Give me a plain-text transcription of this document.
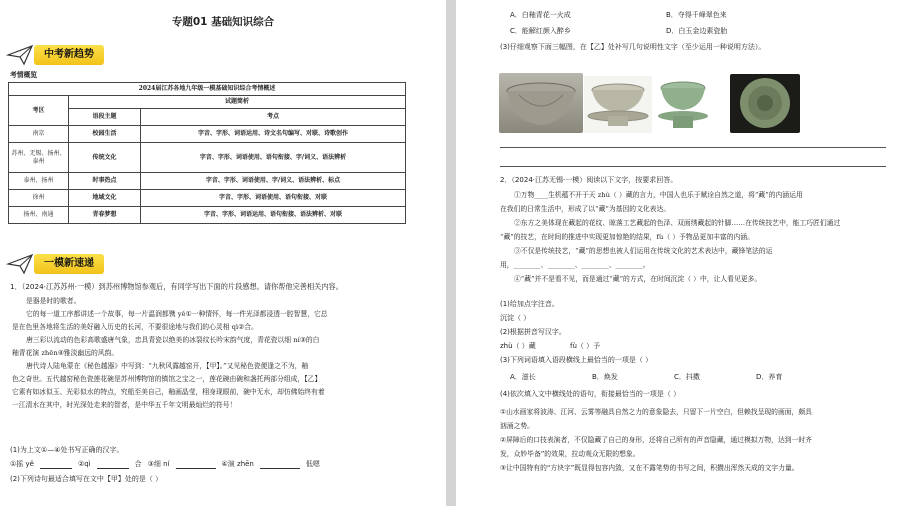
专题01 基础知识综合
中考新趋势
考情概览
2024届江苏各地九年级一模基础知识综合考情概述		
考区	试题简析	
	语段主题	考点
南京	校园生活	字音、字形、词语运用、诗文名句编写、对联、诗歌创作
苏州、无锡、扬州、泰州	传统文化	字音、字形、词语使用、语句衔接、字/词义、语法辨析
泰州、扬州	时事热点	字音、字形、词语使用、字/词义、语法辨析、标点
徐州	地域文化	字音、字形、词语使用、语句衔接、对联
扬州、南通	青春梦想	字音、字形、词语运用、语句衔接、语法辨析、对联
一模新速递
1．（2024·江苏苏州·一模）到苏州博物馆参观后，有同学写出下面的片段感想。请你帮他完善相关内容。
是器是时的歌者。
它的每一道工序都讲述一个故事，每一片温润都镌 yě①一种情怀，每一件光泽都浸透一腔智慧，它总
是在色里各地将生活的美好融入历史的长河，不要很途地与我们的心灵相 qì②合。
唐三彩以流动的色彩高歌盛唐气象，忠具青瓷以绝美的冰裂纹长吟宋韵气度，青花瓷以细 ní③的白
釉青花演 zhēn④雅淡幽远的风韵。
唐代诗人陆龟蒙在《秘色越器》中写到：“九秋风露越窑开，【甲】。”又见秘色瓷便逢之不为，釉
色之奇世。五代越窑秘色瓷莲花碗是苏州博物馆的镇馆之宝之一，莲花碗由碗和盏托两部分组成，【乙】
它素有如冰似玉、光彩似水的特点，究船至美自己，釉画晶莹，栩身现眼前，碗中无水，却仿佛始终有着
一江清水在其中，时光深处走来的智者，是中华五千年文明最灿烂的符号！
(1)为上文①—④处书写正确的汉字。
①摇 yě	②qì	合 ③细 ní	④演 zhēn	低嗯
(2)下列诗句最适合填写在文中【甲】处的是（ ）
A．白釉青花一火成	B．夺得千峰翠色来
C．能解红颜入醉乡	D．白玉金边素瓷胎
(3)仔细观察下面三幅图，在【乙】处补写几句说明性文字（至少运用一种说明方法）。
2．（2024·江苏无锡·一模）阅读以下文字，按要求回答。
①万物____生机蕴不开于天 zhù（ ）藏的言力，中国人也乐于赋诠自然之道，将“藏”的内涵运用
在我们的日常生活中，形成了以“藏”为基因的文化表达。
②东方之美体现在藏起的花纹、晾落工艺藏起的色泽、双面绣藏起的针脚……在传统技艺中，能工巧匠们通过
“藏”的技艺，在时间的推进中实现更加惊艳的结果，fù（ ）予物品更加丰富的内涵。
③不仅是传统技艺，“藏”的思想也被人们运用在传统文化的艺术表达中，藏锋笔法的运
用，________、________、________、________。
④“藏”并不是看不见，而是通过“藏”的方式，在时间沉淀（ ）中，让人看见更多。
(1)给加点字注音。
沉淀（ ）
(2)根据拼音写汉字。
zhù（ ）藏	fù（ ）予
(3)下列词语填入语段横线上最恰当的一项是（ ）
A．滋长	B．焕发	C．抖擞	D．养育
(4)依次填入文中横线处的语句，衔接最恰当的一项是（ ）
①山水画家将波涛、江河、云雾等融具自然之力的意象隐去，只留下一片空白，但赖找呈现的画面，颇具
汹涌之势。
②屏障后的口技表演者，不仅隐藏了自己的身形，还将自己所有的声音隐藏，通过模拟万物，达到一时齐
发，众妙毕备”的效果，拉动观众无限的想象。
③让中国特有的“方块字”既显得包容内敛，又在不露笔势的书写之间，积攒出浑然天成的文字力量。
